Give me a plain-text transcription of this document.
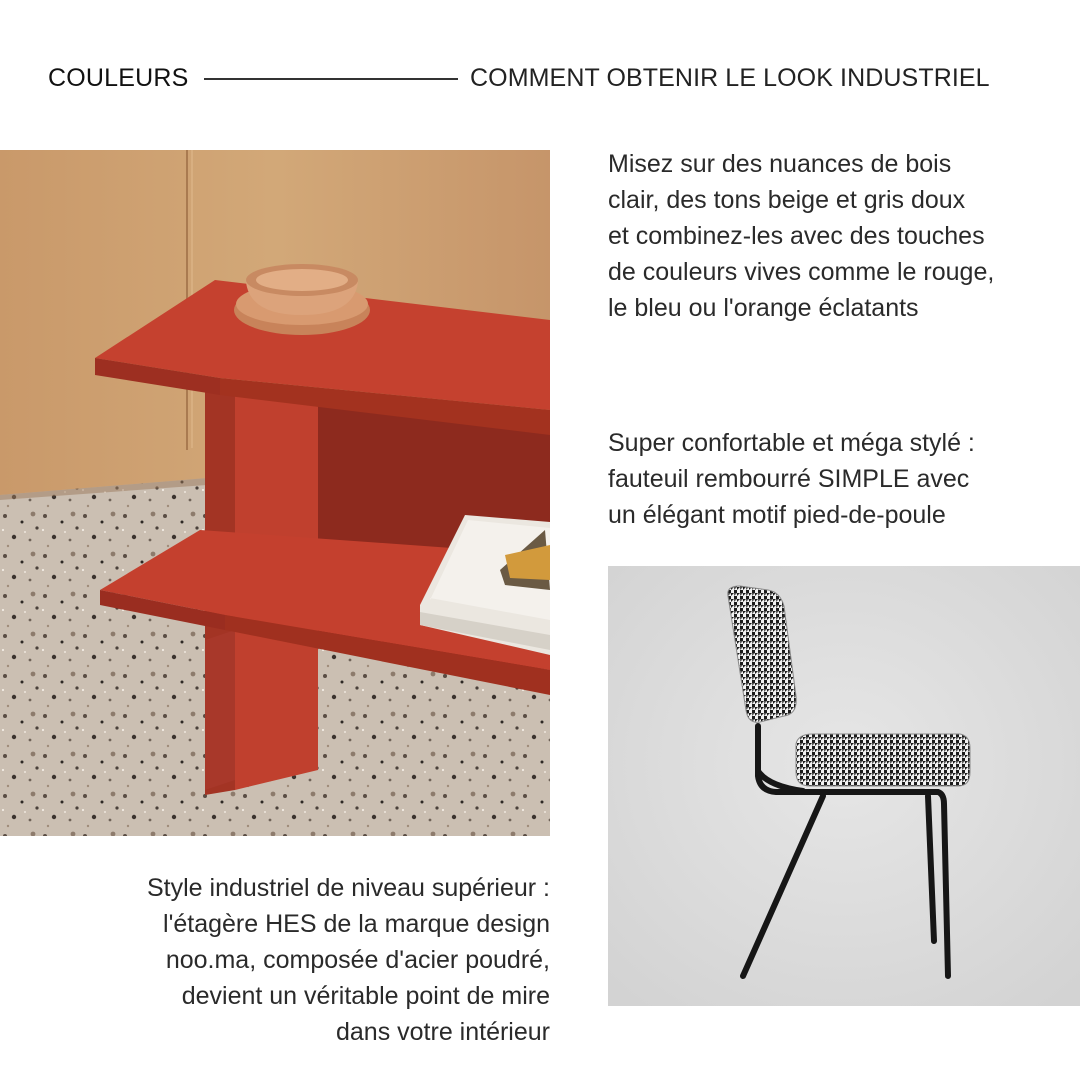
COULEURS	COMMENT OBTENIR LE LOOK INDUSTRIEL

Misez sur des nuances de bois
clair, des tons beige et gris doux
et combinez-les avec des touches
de couleurs vives comme le rouge,
le bleu ou l'orange éclatants

Super confortable et méga stylé :
fauteuil rembourré SIMPLE avec
un élégant motif pied-de-poule

Style industriel de niveau supérieur :
l'étagère HES de la marque design
noo.ma, composée d'acier poudré,
devient un véritable point de mire
dans votre intérieur
